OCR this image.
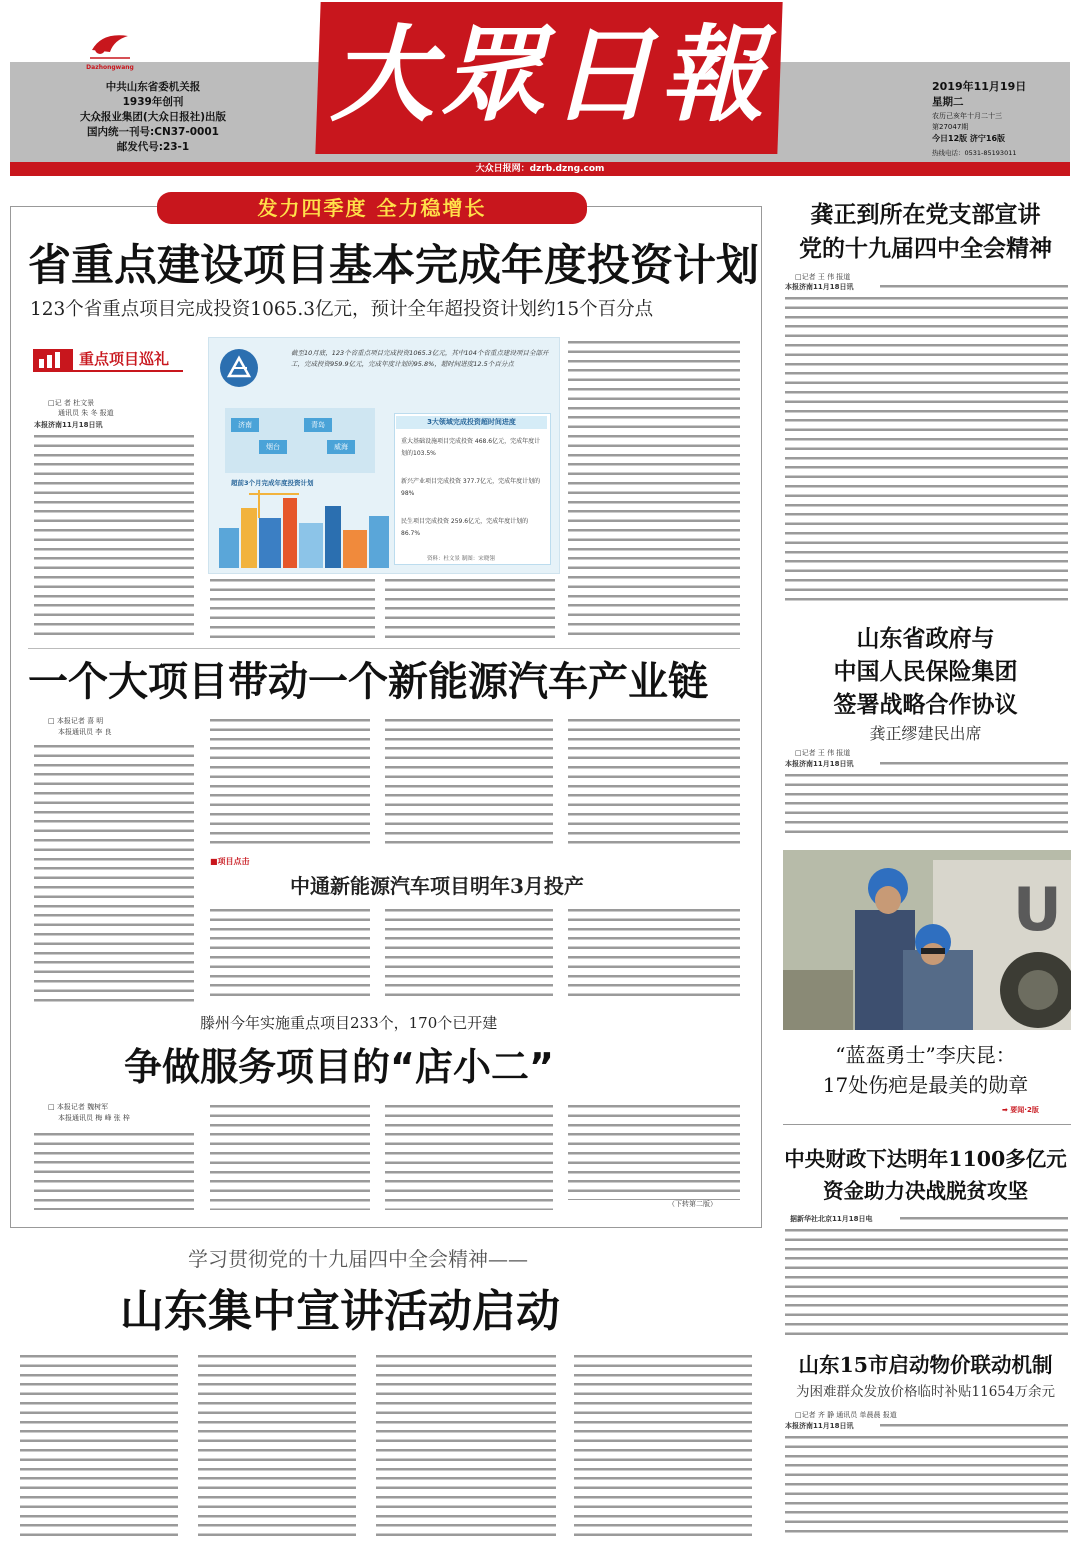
Dazhongwang
中共山东省委机关报
1939年创刊
大众报业集团(大众日报社)出版
国内统一刊号:CN37-0001
邮发代号:23-1
大眾日報	2019年11月19日
星期二
农历己亥年十月二十三
第27047期
今日12版 济宁16版
热线电话：0531-85193011
大众日报网：dzrb.dzng.com
发力四季度 全力稳增长
省重点建设项目基本完成年度投资计划
123个省重点项目完成投资1065.3亿元，预计全年超投资计划约15个百分点
重点项目巡礼
□记 者 杜文景
通讯员 朱 冬 报道
本报济南11月18日讯
截至10月底，123个省重点项目完成投资1065.3亿元，其中104个省重点建设项目全部开工，完成投资959.9亿元，完成年度计划的95.8%，超时间进度12.5个百分点
济南	青岛
烟台	威海
超前3个月完成年度投资计划
3大领域完成投资超时间进度
重大基础设施项目完成投资 468.6亿元，完成年度计划的103.5%
新兴产业项目完成投资 377.7亿元，完成年度计划的98%
民生项目完成投资 259.6亿元，完成年度计划的86.7%
资料：杜文景 制图：宋晓翎
一个大项目带动一个新能源汽车产业链
□ 本报记者 喜 明
本报通讯员 李 良
■项目点击
中通新能源汽车项目明年3月投产
滕州今年实施重点项目233个，170个已开建
争做服务项目的“店小二”
□ 本报记者 魏树军
本报通讯员 梅 峰 张 梓
（下转第二版）
学习贯彻党的十九届四中全会精神——
山东集中宣讲活动启动
龚正到所在党支部宣讲
党的十九届四中全会精神
□记者 王 伟 报道
本报济南11月18日讯
山东省政府与
中国人民保险集团
签署战略合作协议
龚正缪建民出席
□记者 王 伟 报道
本报济南11月18日讯
U
“蓝盔勇士”李庆昆：
17处伤疤是最美的勋章
➡ 要闻·2版
中央财政下达明年1100多亿元
资金助力决战脱贫攻坚
据新华社北京11月18日电
山东15市启动物价联动机制
为困难群众发放价格临时补贴11654万余元
□记者 齐 静 通讯员 单晨晨 报道
本报济南11月18日讯
